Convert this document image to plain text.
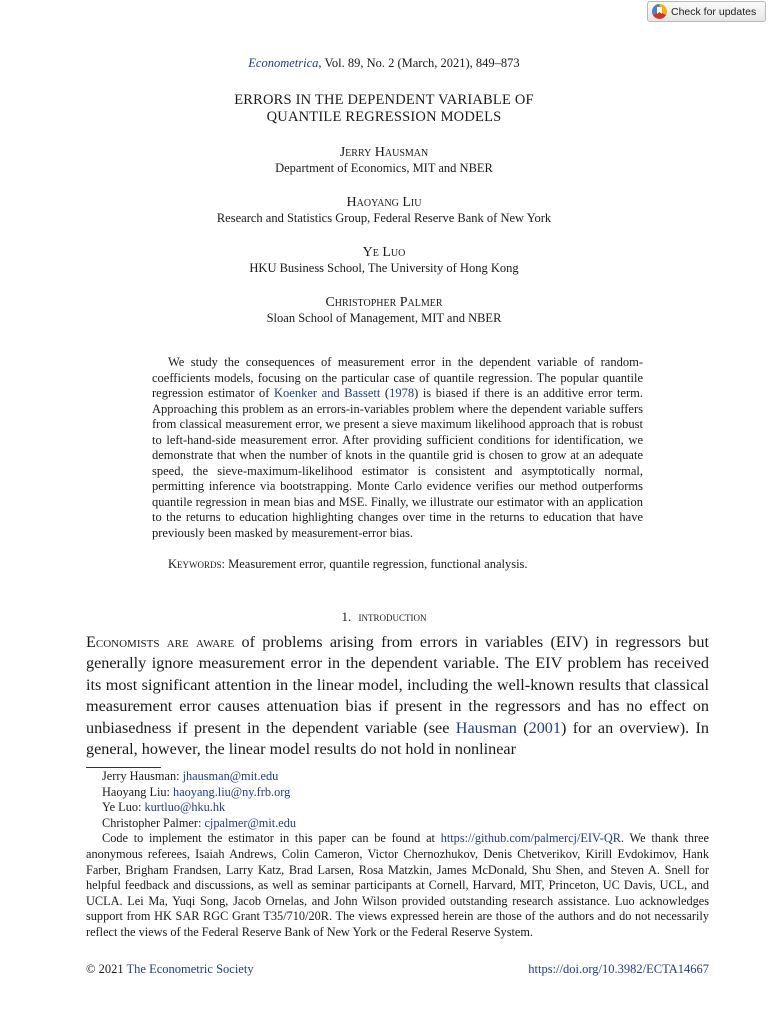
Check for updates
Econometrica, Vol. 89, No. 2 (March, 2021), 849–873
ERRORS IN THE DEPENDENT VARIABLE OF
QUANTILE REGRESSION MODELS
Jerry Hausman
Department of Economics, MIT and NBER
Haoyang Liu
Research and Statistics Group, Federal Reserve Bank of New York
Ye Luo
HKU Business School, The University of Hong Kong
Christopher Palmer
Sloan School of Management, MIT and NBER
We study the consequences of measurement error in the dependent variable of random-coefficients models, focusing on the particular case of quantile regression. The popular quantile regression estimator of Koenker and Bassett (1978) is biased if there is an additive error term. Approaching this problem as an errors-in-variables problem where the dependent variable suffers from classical measurement error, we present a sieve maximum likelihood approach that is robust to left-hand-side measurement error. After providing sufficient conditions for identification, we demonstrate that when the number of knots in the quantile grid is chosen to grow at an adequate speed, the sieve-maximum-likelihood estimator is consistent and asymptotically normal, permitting inference via bootstrapping. Monte Carlo evidence verifies our method outperforms quantile regression in mean bias and MSE. Finally, we illustrate our estimator with an application to the returns to education highlighting changes over time in the returns to education that have previously been masked by measurement-error bias.
Keywords: Measurement error, quantile regression, functional analysis.
1. introduction
Economists are aware of problems arising from errors in variables (EIV) in regressors but generally ignore measurement error in the dependent variable. The EIV problem has received its most significant attention in the linear model, including the well-known results that classical measurement error causes attenuation bias if present in the regressors and has no effect on unbiasedness if present in the dependent variable (see Hausman (2001) for an overview). In general, however, the linear model results do not hold in nonlinear
Jerry Hausman: jhausman@mit.edu
Haoyang Liu: haoyang.liu@ny.frb.org
Ye Luo: kurtluo@hku.hk
Christopher Palmer: cjpalmer@mit.edu
Code to implement the estimator in this paper can be found at https://github.com/palmercj/EIV-QR. We thank three anonymous referees, Isaiah Andrews, Colin Cameron, Victor Chernozhukov, Denis Chetverikov, Kirill Evdokimov, Hank Farber, Brigham Frandsen, Larry Katz, Brad Larsen, Rosa Matzkin, James McDonald, Shu Shen, and Steven A. Snell for helpful feedback and discussions, as well as seminar participants at Cornell, Harvard, MIT, Princeton, UC Davis, UCL, and UCLA. Lei Ma, Yuqi Song, Jacob Ornelas, and John Wilson provided outstanding research assistance. Luo acknowledges support from HK SAR RGC Grant T35/710/20R. The views expressed herein are those of the authors and do not necessarily reflect the views of the Federal Reserve Bank of New York or the Federal Reserve System.
© 2021 The Econometric Society	https://doi.org/10.3982/ECTA14667
